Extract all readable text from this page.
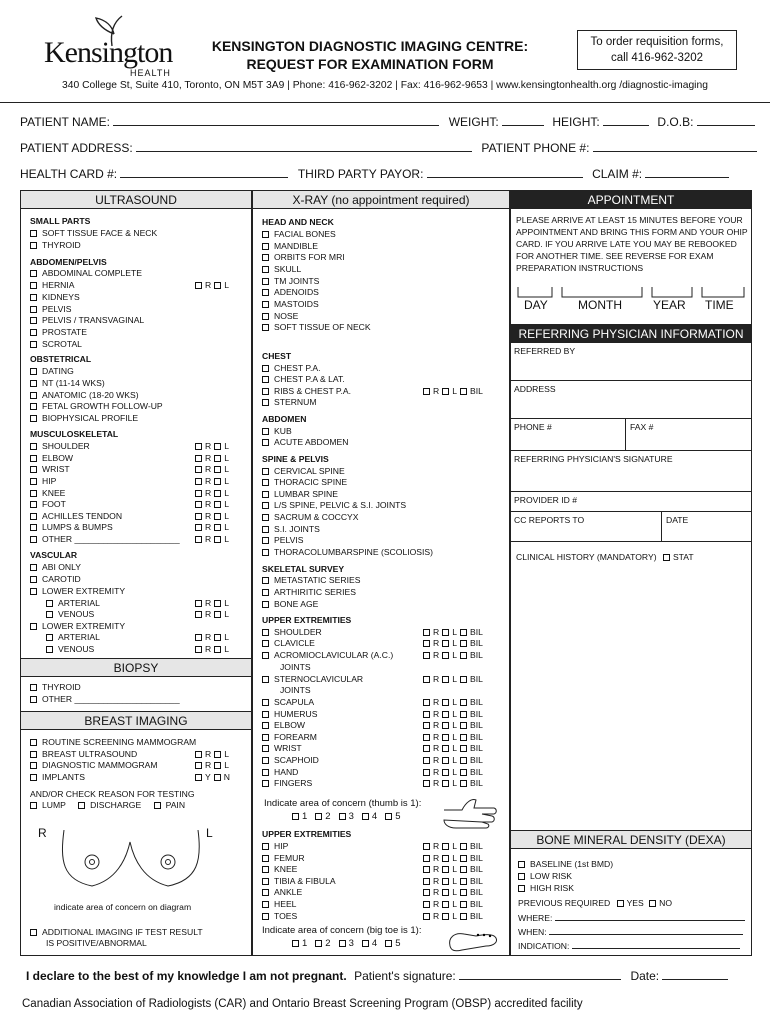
Kensington
HEALTH
KENSINGTON DIAGNOSTIC IMAGING CENTRE:
REQUEST FOR EXAMINATION FORM
To order requisition forms,
call 416-962-3202
340 College St, Suite 410, Toronto, ON M5T 3A9 | Phone: 416-962-3202 | Fax: 416-962-9653 | www.kensingtonhealth.org /diagnostic-imaging
PATIENT NAME:	WEIGHT:	HEIGHT:	D.O.B:
PATIENT ADDRESS:	PATIENT PHONE #:
HEALTH CARD #:	THIRD PARTY PAYOR:	CLAIM #:
ULTRASOUND	X-RAY (no appointment required)	APPOINTMENT
BIOPSY
BREAST IMAGING
SMALL PARTS
SOFT TISSUE FACE & NECK
THYROID
ABDOMEN/PELVIS
ABDOMINAL COMPLETE
HERNIA	R L
KIDNEYS
PELVIS
PELVIS / TRANSVAGINAL
PROSTATE
SCROTAL
OBSTETRICAL
DATING
NT (11-14 WKS)
ANATOMIC (18-20 WKS)
FETAL GROWTH FOLLOW-UP
BIOPHYSICAL PROFILE
MUSCULOSKELETAL
SHOULDER	R L
ELBOW	R L
WRIST	R L
HIP	R L
KNEE	R L
FOOT	R L
ACHILLES TENDON	R L
LUMPS & BUMPS	R L
OTHER ______________________	R L
VASCULAR
ABI ONLY
CAROTID
LOWER EXTREMITY
ARTERIAL	R L
VENOUS	R L
LOWER EXTREMITY
ARTERIAL	R L
VENOUS	R L
HEAD AND NECK
FACIAL BONES
MANDIBLE
ORBITS FOR MRI
SKULL
TM JOINTS
ADENOIDS
MASTOIDS
NOSE
SOFT TISSUE OF NECK
CHEST
CHEST P.A.
CHEST P.A & LAT.
RIBS & CHEST P.A.	R L BIL
STERNUM
ABDOMEN
KUB
ACUTE ABDOMEN
SPINE & PELVIS
CERVICAL SPINE
THORACIC SPINE
LUMBAR SPINE
L/S SPINE, PELVIC & S.I. JOINTS
SACRUM & COCCYX
S.I. JOINTS
PELVIS
THORACOLUMBARSPINE (SCOLIOSIS)
SKELETAL SURVEY
METASTATIC SERIES
ARTHIRITIC SERIES
BONE AGE
UPPER EXTREMITIES
SHOULDER	R L BIL
CLAVICLE	R L BIL
ACROMIOCLAVICULAR (A.C.)	R L BIL
JOINTS
STERNOCLAVICULAR	R L BIL
JOINTS
SCAPULA	R L BIL
HUMERUS	R L BIL
ELBOW	R L BIL
FOREARM	R L BIL
WRIST	R L BIL
SCAPHOID	R L BIL
HAND	R L BIL
FINGERS	R L BIL
UPPER EXTREMITIES
HIP	R L BIL
FEMUR	R L BIL
KNEE	R L BIL
TIBIA & FIBULA	R L BIL
ANKLE	R L BIL
HEEL	R L BIL
TOES	R L BIL
THYROID
OTHER ______________________
ROUTINE SCREENING MAMMOGRAM
BREAST ULTRASOUND	R L
DIAGNOSTIC MAMMOGRAM	R L
IMPLANTS	Y N
AND/OR CHECK REASON FOR TESTING
LUMP	DISCHARGE	PAIN
R	L
indicate area of concern on diagram
ADDITIONAL IMAGING IF TEST RESULT
IS POSITIVE/ABNORMAL
Indicate area of concern (thumb is 1):
1 2 3 4 5
Indicate area of concern (big toe is 1):
1 2 3 4 5
PLEASE ARRIVE AT LEAST 15 MINUTES BEFORE YOUR APPOINTMENT AND BRING THIS FORM AND YOUR OHIP CARD. IF YOU ARRIVE LATE YOU MAY BE REBOOKED FOR ANOTHER TIME. SEE REVERSE FOR EXAM PREPARATION INSTRUCTIONS
DAY	MONTH	YEAR TIME
REFERRING PHYSICIAN INFORMATION
REFERRED BY
ADDRESS
PHONE #	FAX #
REFERRING PHYSICIAN'S SIGNATURE
PROVIDER ID #
CC REPORTS TO	DATE
CLINICAL HISTORY (MANDATORY) STAT
BONE MINERAL DENSITY (DEXA)
BASELINE (1st BMD)
LOW RISK
HIGH RISK
PREVIOUS REQUIRED YES NO
WHERE:
WHEN:
INDICATION:
I declare to the best of my knowledge I am not pregnant. Patient's signature:	Date:
Canadian Association of Radiologists (CAR) and Ontario Breast Screening Program (OBSP) accredited facility
